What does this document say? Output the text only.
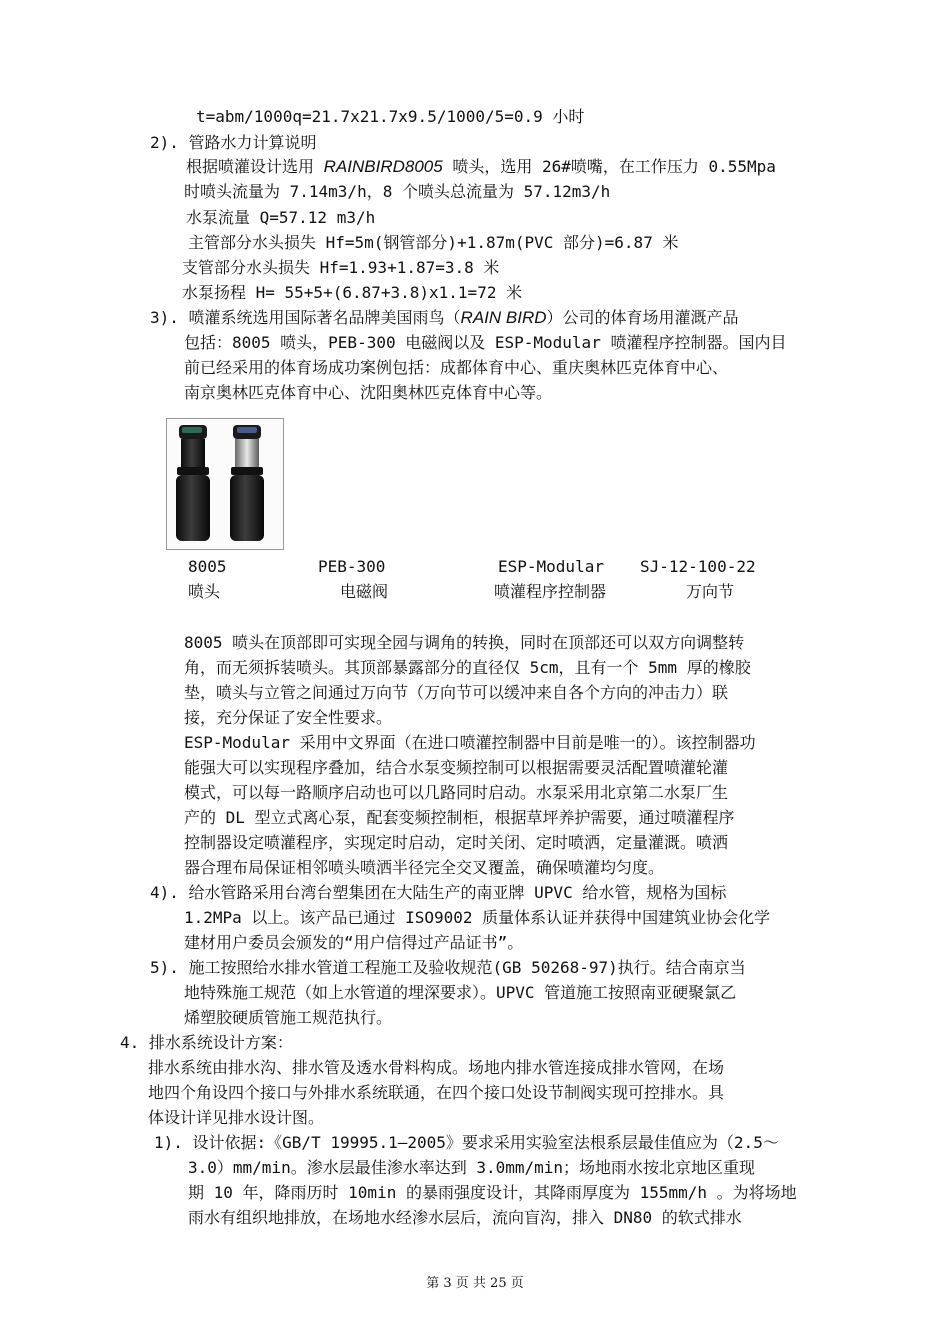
t=abm/1000q=21.7x21.7x9.5/1000/5=0.9 小时
2). 管路水力计算说明
根据喷灌设计选用 RAINBIRD8005 喷头，选用 26#喷嘴，在工作压力 0.55Mpa
时喷头流量为 7.14m3/h，8 个喷头总流量为 57.12m3/h
水泵流量 Q=57.12 m3/h
主管部分水头损失 Hf=5m(钢管部分)+1.87m(PVC 部分)=6.87 米
支管部分水头损失 Hf=1.93+1.87=3.8 米
水泵扬程 H= 55+5+(6.87+3.8)x1.1=72 米
3). 喷灌系统选用国际著名品牌美国雨鸟（RAIN BIRD）公司的体育场用灌溉产品
包括：8005 喷头，PEB-300 电磁阀以及 ESP-Modular 喷灌程序控制器。国内目
前已经采用的体育场成功案例包括：成都体育中心、重庆奥林匹克体育中心、
南京奥林匹克体育中心、沈阳奥林匹克体育中心等。
8005	PEB-300	ESP-Modular SJ-12-100-22
喷头	电磁阀	喷灌程序控制器	万向节
8005 喷头在顶部即可实现全园与调角的转换，同时在顶部还可以双方向调整转
角，而无须拆装喷头。其顶部暴露部分的直径仅 5cm，且有一个 5mm 厚的橡胶
垫，喷头与立管之间通过万向节（万向节可以缓冲来自各个方向的冲击力）联
接，充分保证了安全性要求。
ESP-Modular 采用中文界面（在进口喷灌控制器中目前是唯一的）。该控制器功
能强大可以实现程序叠加，结合水泵变频控制可以根据需要灵活配置喷灌轮灌
模式，可以每一路顺序启动也可以几路同时启动。水泵采用北京第二水泵厂生
产的 DL 型立式离心泵，配套变频控制柜，根据草坪养护需要，通过喷灌程序
控制器设定喷灌程序，实现定时启动，定时关闭、定时喷洒，定量灌溉。喷洒
器合理布局保证相邻喷头喷洒半径完全交叉覆盖，确保喷灌均匀度。
4). 给水管路采用台湾台塑集团在大陆生产的南亚牌 UPVC 给水管，规格为国标
1.2MPa 以上。该产品已通过 ISO9002 质量体系认证并获得中国建筑业协会化学
建材用户委员会颁发的“用户信得过产品证书”。
5). 施工按照给水排水管道工程施工及验收规范(GB 50268-97)执行。结合南京当
地特殊施工规范（如上水管道的埋深要求）。UPVC 管道施工按照南亚硬聚氯乙
烯塑胶硬质管施工规范执行。
4. 排水系统设计方案：
排水系统由排水沟、排水管及透水骨料构成。场地内排水管连接成排水管网，在场
地四个角设四个接口与外排水系统联通，在四个接口处设节制阀实现可控排水。具
体设计详见排水设计图。
1). 设计依据:《GB/T 19995.1—2005》要求采用实验室法根系层最佳值应为（2.5～
3.0）mm/min。渗水层最佳渗水率达到 3.0mm/min；场地雨水按北京地区重现
期 10 年，降雨历时 10min 的暴雨强度设计，其降雨厚度为 155mm/h 。为将场地
雨水有组织地排放，在场地水经渗水层后，流向盲沟，排入 DN80 的软式排水
第 3 页 共 25 页
